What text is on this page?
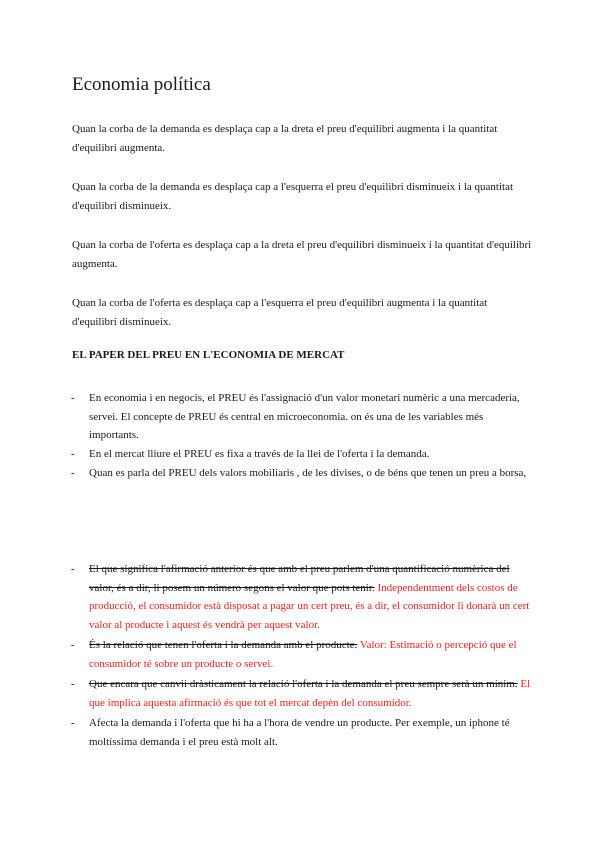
Economia política

Quan la corba de la demanda es desplaça cap a la dreta el preu d'equilibri augmenta i la quantitat d'equilibri augmenta.

Quan la corba de la demanda es desplaça cap a l'esquerra el preu d'equilibri disminueix i la quantitat d'equilibri disminueix.

Quan la corba de l'oferta es desplaça cap a la dreta el preu d'equilibri disminueix i la quantitat d'equilibri augmenta.

Quan la corba de l'oferta es desplaça cap a l'esquerra el preu d'equilibri augmenta i la quantitat d'equilibri disminueix.

EL PAPER DEL PREU EN L'ECONOMIA DE MERCAT

- En economia i en negocis, el PREU és l'assignació d'un valor monetari numèric a una mercaderia, servei. El concepte de PREU és central en microeconomia. on és una de les variables més importants.
- En el mercat lliure el PREU es fixa a través de la llei de l'oferta i la demanda.
- Quan es parla del PREU dels valors mobiliaris , de les divises, o de béns que tenen un preu a borsa,
- El que significa l'afirmació anterior és que amb el preu parlem d'una quantificació numèrica del valor, és a dir, li posem un número segons el valor que pots tenir. Independentment dels costos de producció, el consumidor està disposat a pagar un cert preu, és a dir, el consumidor li donarà un cert valor al producte i aquest és vendrà per aquest valor.
- És la relació que tenen l'oferta i la demanda amb el producte. Valor: Estimació o percepció que el consumidor té sobre un producte o servei.
- Que encara que canvii dràsticament la relació l'oferta i la demanda el preu sempre serà un mínim. El que implica aquesta afirmació és que tot el mercat depèn del consumidor.
- Afecta la demanda i l'oferta que hi ha a l'hora de vendre un producte. Per exemple, un iphone té moltíssima demanda i el preu està molt alt.
